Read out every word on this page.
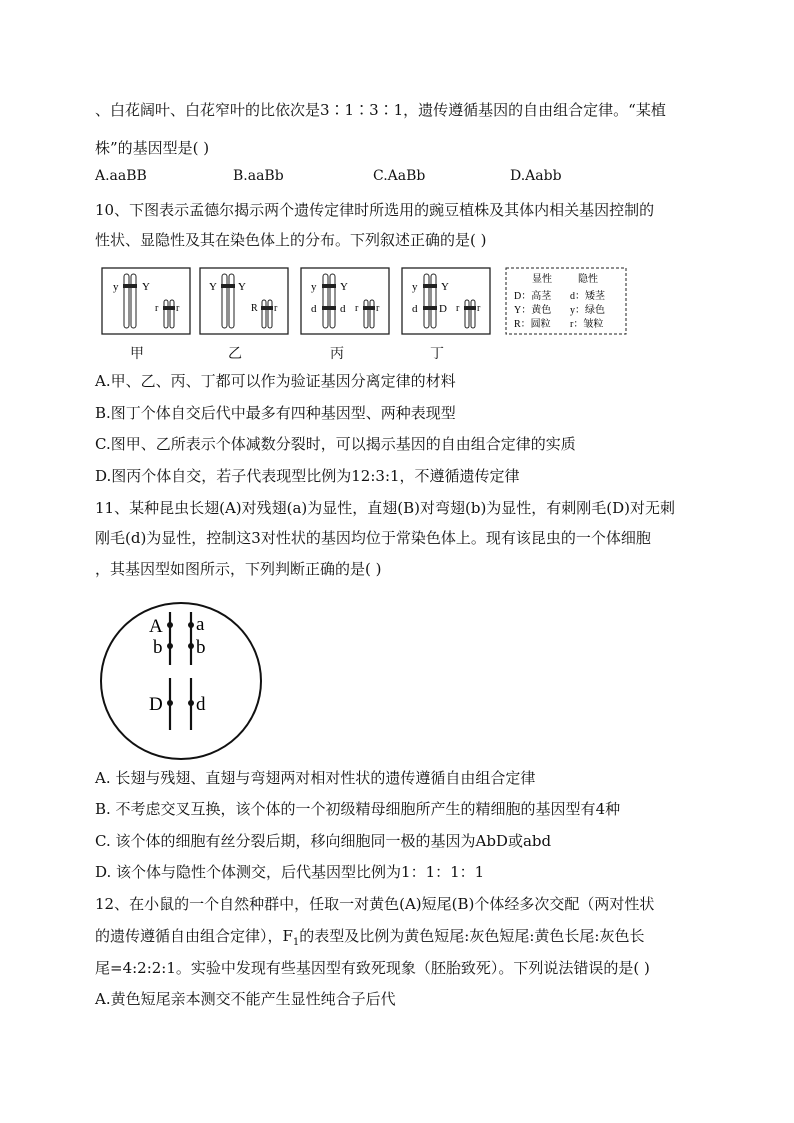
、白花阔叶、白花窄叶的比依次是3∶1∶3∶1，遗传遵循基因的自由组合定律。“某植
株”的基因型是( )
A.aaBB	B.aaBb	C.AaBb	D.Aabb
10、下图表示孟德尔揭示两个遗传定律时所选用的豌豆植株及其体内相关基因控制的
性状、显隐性及其在染色体上的分布。下列叙述正确的是( )
y Y
r r
Y Y
R r
y Y
d d r r
y Y
d D r r
显性	隐性
D：高茎 d：矮茎
Y：黄色 y：绿色
R：圆粒 r：皱粒
甲	乙	丙	丁
A.甲、乙、丙、丁都可以作为验证基因分离定律的材料
B.图丁个体自交后代中最多有四种基因型、两种表现型
C.图甲、乙所表示个体减数分裂时，可以揭示基因的自由组合定律的实质
D.图丙个体自交，若子代表现型比例为12:3:1，不遵循遗传定律
11、某种昆虫长翅(A)对残翅(a)为显性，直翅(B)对弯翅(b)为显性，有刺刚毛(D)对无刺
刚毛(d)为显性，控制这3对性状的基因均位于常染色体上。现有该昆虫的一个体细胞
，其基因型如图所示，下列判断正确的是( )
A a
b b
D d
A. 长翅与残翅、直翅与弯翅两对相对性状的遗传遵循自由组合定律
B. 不考虑交叉互换，该个体的一个初级精母细胞所产生的精细胞的基因型有4种
C. 该个体的细胞有丝分裂后期，移向细胞同一极的基因为AbD或abd
D. 该个体与隐性个体测交，后代基因型比例为1：1：1：1
12、在小鼠的一个自然种群中，任取一对黄色(A)短尾(B)个体经多次交配（两对性状
的遗传遵循自由组合定律），$F_1$的表型及比例为黄色短尾:灰色短尾:黄色长尾:灰色长
尾=4:2:2:1。实验中发现有些基因型有致死现象（胚胎致死）。下列说法错误的是( )
A.黄色短尾亲本测交不能产生显性纯合子后代
